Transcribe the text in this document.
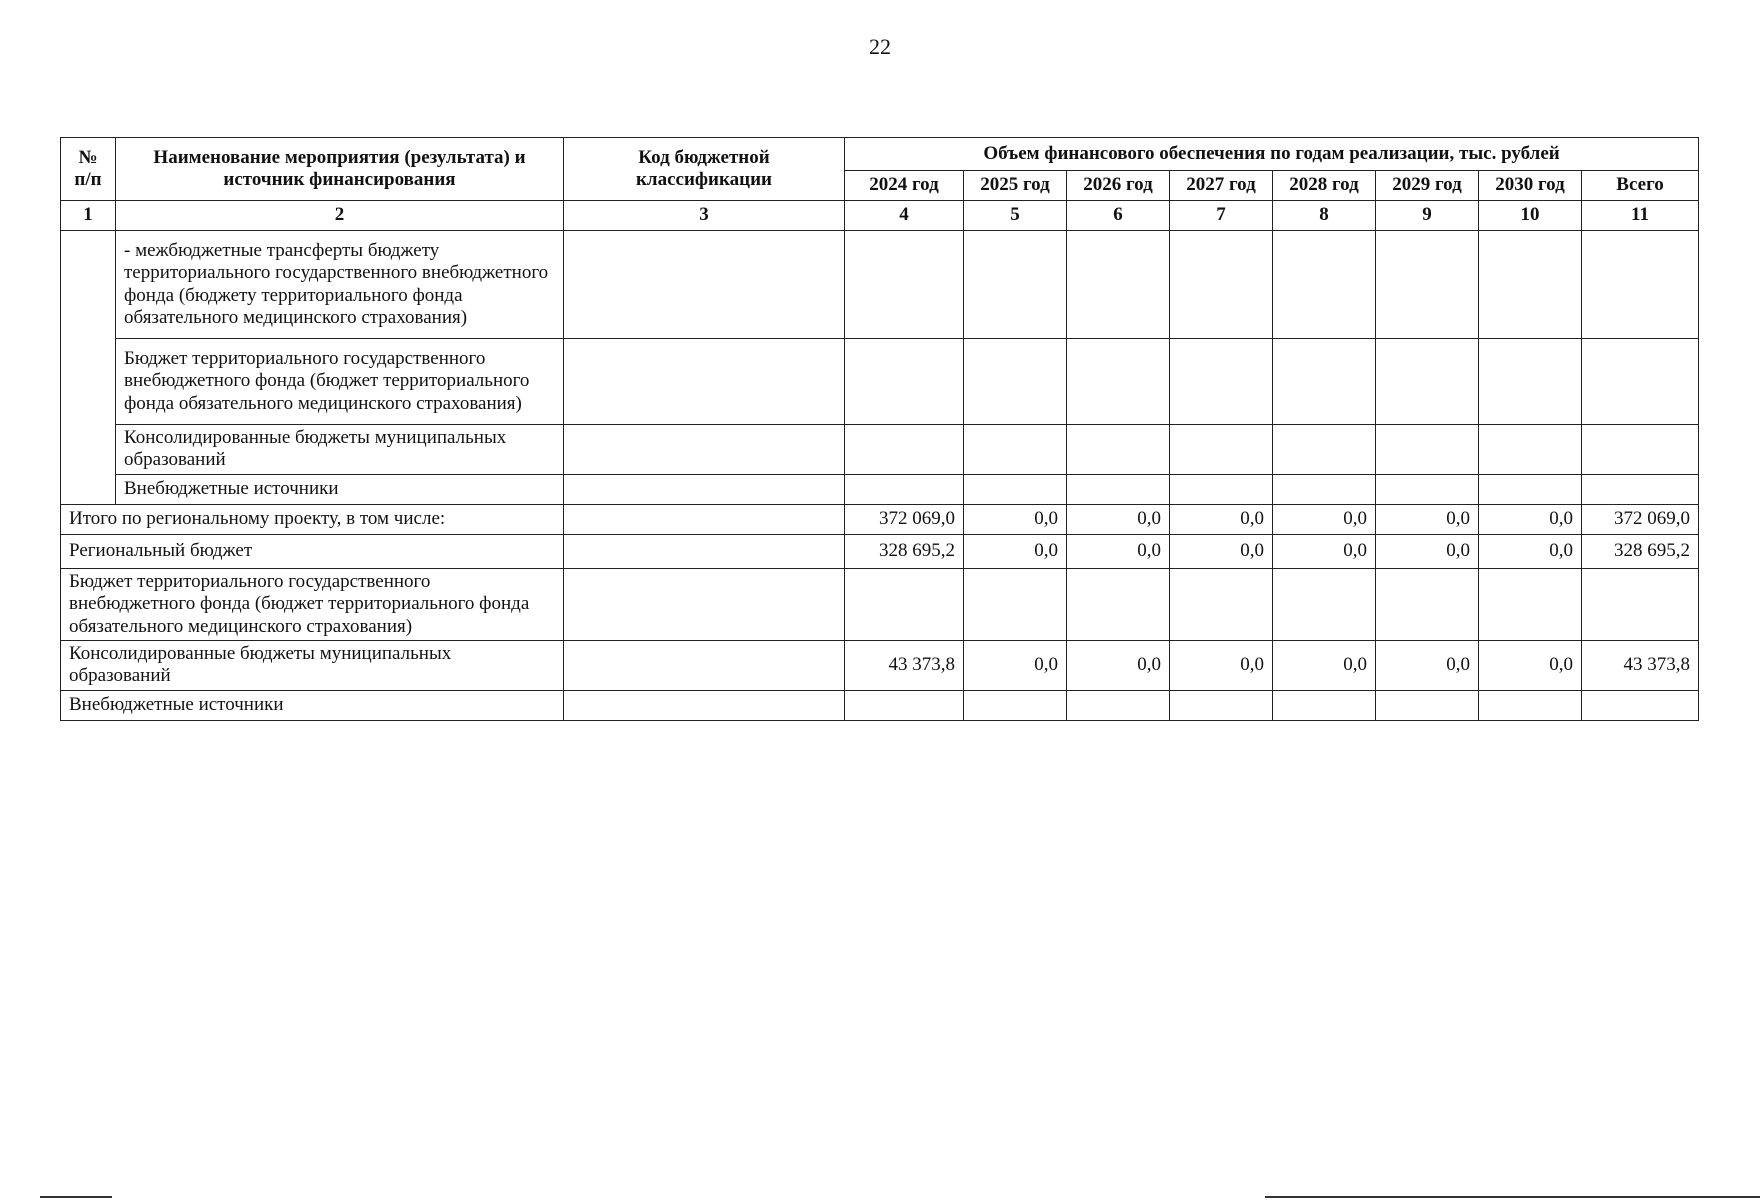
22
№ п/п	Наименование мероприятия (результата) и источник финансирования	Код бюджетной классификации	Объем финансового обеспечения по годам реализации, тыс. рублей							
			2024 год	2025 год	2026 год	2027 год	2028 год	2029 год	2030 год	Всего
1	2	3	4	5	6	7	8	9	10	11
	- межбюджетные трансферты бюджету территориального государственного внебюджетного фонда (бюджету территориального фонда обязательного медицинского страхования)									
	Бюджет территориального государственного внебюджетного фонда (бюджет территориального фонда обязательного медицинского страхования)									
	Консолидированные бюджеты муниципальных образований									
	Внебюджетные источники									
Итого по региональному проекту, в том числе:			372 069,0	0,0	0,0	0,0	0,0	0,0	0,0	372 069,0
Региональный бюджет			328 695,2	0,0	0,0	0,0	0,0	0,0	0,0	328 695,2
Бюджет территориального государственного внебюджетного фонда (бюджет территориального фонда обязательного медицинского страхования)										
Консолидированные бюджеты муниципальных образований			43 373,8	0,0	0,0	0,0	0,0	0,0	0,0	43 373,8
Внебюджетные источники										
